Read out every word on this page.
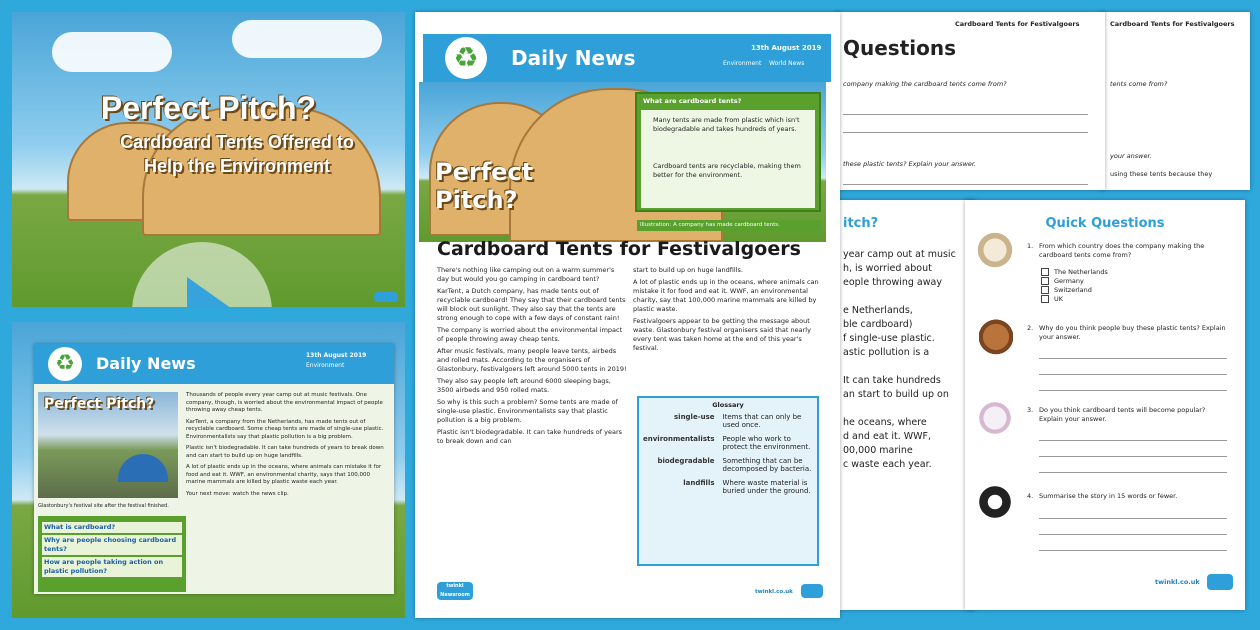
Perfect Pitch?
Cardboard Tents Offered to Help the Environment
♻	Daily News	13th August 2019
Environment
Perfect Pitch?
Glastonbury's festival site after the festival finished.
What is cardboard?
Why are people choosing cardboard tents?
How are people taking action on plastic pollution?

Thousands of people every year camp out at music festivals. One company, though, is worried about the environmental impact of people throwing away cheap tents.

KarTent, a company from the Netherlands, has made tents out of recyclable cardboard. Some cheap tents are made of single-use plastic. Environmentalists say that plastic pollution is a big problem.

Plastic isn't biodegradable. It can take hundreds of years to break down and can start to build up on huge landfills.

A lot of plastic ends up in the oceans, where animals can mistake it for food and eat it. WWF, an environmental charity, says that 100,000 marine mammals are killed by plastic waste each year.

Your next move: watch the news clip.

Cardboard Tents for Festivalgoers
tents come from?
your answer.
using these tents because they
Cardboard Tents for Festivalgoers
Questions
company making the cardboard tents come from?
these plastic tents? Explain your answer.
itch?
year camp out at music
h, is worried about
eople throwing away
e Netherlands,
ble cardboard)
f single-use plastic.
astic pollution is a
It can take hundreds
an start to build up on
he oceans, where
d and eat it. WWF,
00,000 marine
c waste each year.
Quick Questions
1. From which country does the company making the cardboard tents come from?
The Netherlands
Germany
Switzerland
UK
2. Why do you think people buy these plastic tents? Explain your answer.
3. Do you think cardboard tents will become popular? Explain your answer.
4. Summarise the story in 15 words or fewer.
twinkl.co.uk
♻	Daily News	13th August 2019
Environment World News
Perfect Pitch?
What are cardboard tents?
Many tents are made from plastic which isn't biodegradable and takes hundreds of years.
Cardboard tents are recyclable, making them better for the environment.
Illustration: A company has made cardboard tents.
Cardboard Tents for Festivalgoers

There's nothing like camping out on a warm summer's day but would you go camping in cardboard tent?

KarTent, a Dutch company, has made tents out of recyclable cardboard! They say that their cardboard tents will block out sunlight. They also say that the tents are strong enough to cope with a few days of constant rain!

The company is worried about the environmental impact of people throwing away cheap tents.

After music festivals, many people leave tents, airbeds and rolled mats. According to the organisers of Glastonbury, festivalgoers left around 5000 tents in 2019!

They also say people left around 6000 sleeping bags, 3500 airbeds and 950 rolled mats.

So why is this such a problem? Some tents are made of single-use plastic. Environmentalists say that plastic pollution is a big problem.

Plastic isn't biodegradable. It can take hundreds of years to break down and can

start to build up on huge landfills.

A lot of plastic ends up in the oceans, where animals can mistake it for food and eat it. WWF, an environmental charity, say that 100,000 marine mammals are killed by plastic waste.

Festivalgoers appear to be getting the message about waste. Glastonbury festival organisers said that nearly every tent was taken home at the end of this year's festival.

Glossary
single-use	Items that can only be used once.
environmentalists	People who work to protect the environment.
biodegradable	Something that can be decomposed by bacteria.
landfills	Where waste material is buried under the ground.
twinkl Newsroom	twinkl.co.uk
